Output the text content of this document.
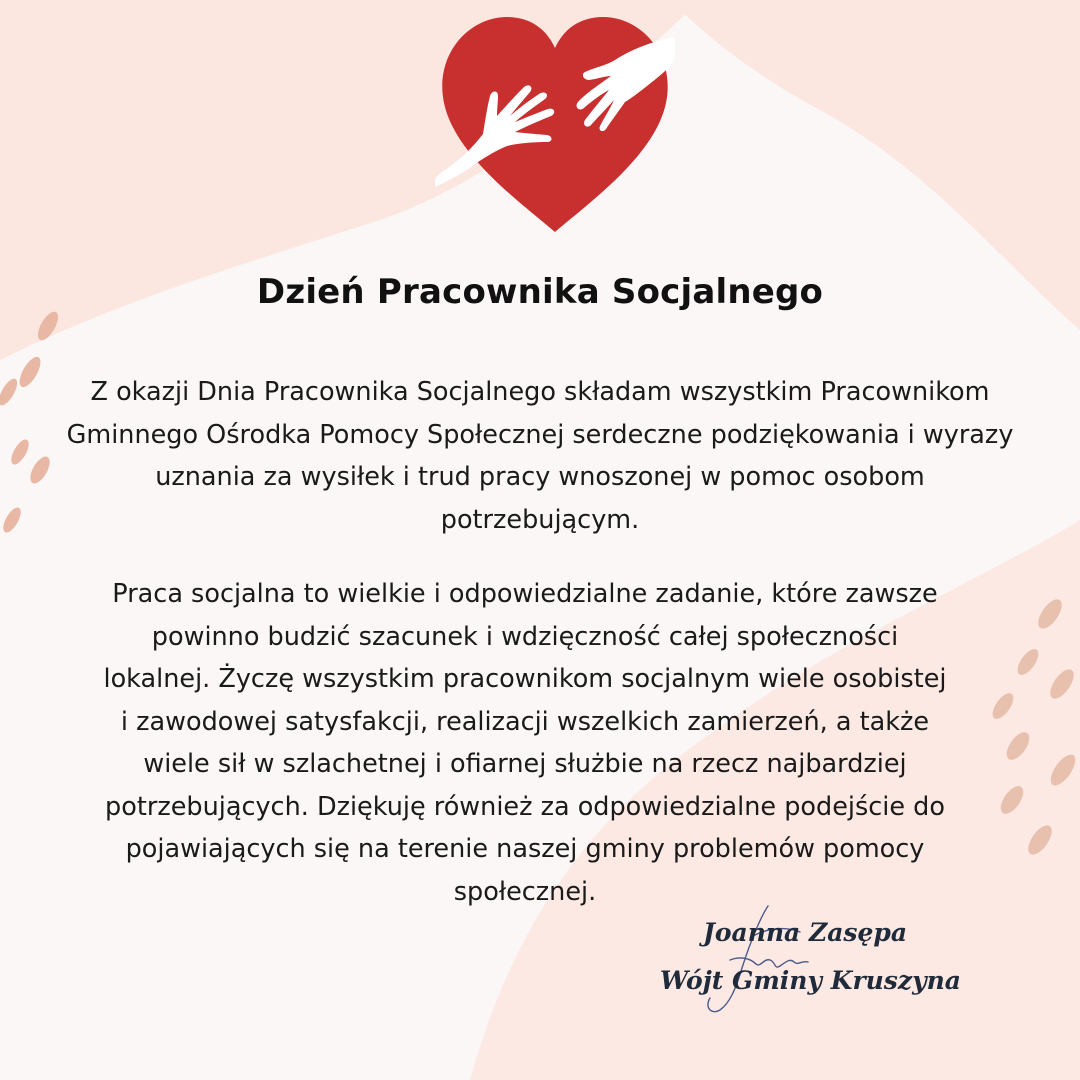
Dzień Pracownika Socjalnego
Z okazji Dnia Pracownika Socjalnego składam wszystkim Pracownikom
Gminnego Ośrodka Pomocy Społecznej serdeczne podziękowania i wyrazy
uznania za wysiłek i trud pracy wnoszonej w pomoc osobom
potrzebującym.
Praca socjalna to wielkie i odpowiedzialne zadanie, które zawsze
powinno budzić szacunek i wdzięczność całej społeczności
lokalnej. Życzę wszystkim pracownikom socjalnym wiele osobistej
i zawodowej satysfakcji, realizacji wszelkich zamierzeń, a także
wiele sił w szlachetnej i ofiarnej służbie na rzecz najbardziej
potrzebujących. Dziękuję również za odpowiedzialne podejście do
pojawiających się na terenie naszej gminy problemów pomocy
społecznej.
Joanna Zasępa
Wójt Gminy Kruszyna
